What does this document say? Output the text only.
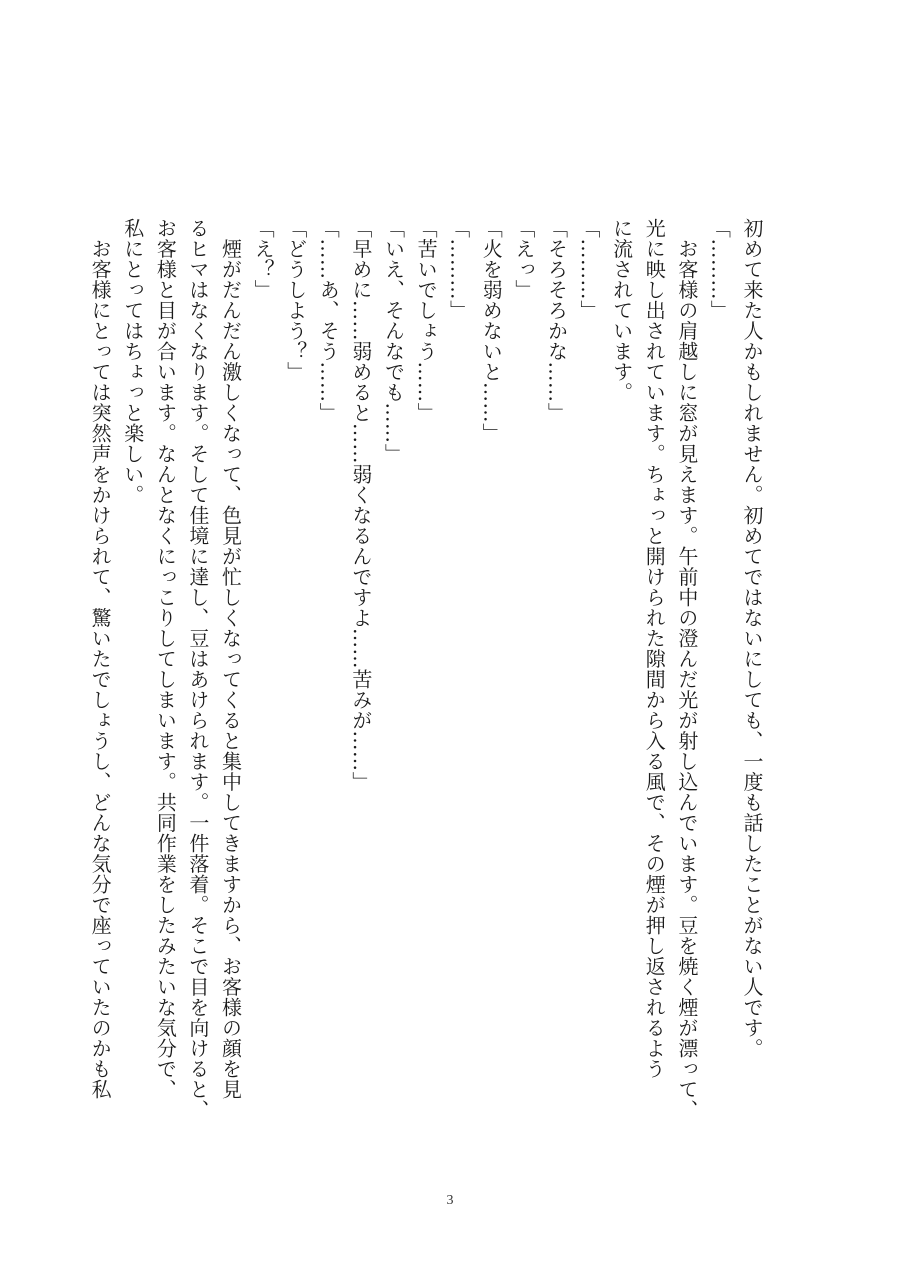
初めて来た人かもしれません。初めてではないにしても、一度も話したことがない人です。

「………」

　お客様の肩越しに窓が見えます。午前中の澄んだ光が射し込んでいます。豆を焼く煙が漂って、

光に映し出されています。ちょっと開けられた隙間から入る風で、その煙が押し返されるよう

に流されています。

「………」

「そろそろかな……」

「えっ」

「火を弱めないと……」

「………」

「苦いでしょう……」

「いえ、そんなでも……」

「早めに……弱めると……弱くなるんですよ……苦みが……」

「……あ、そう……」

「どうしよう？」

「え？」

　煙がだんだん激しくなって、色見が忙しくなってくると集中してきますから、お客様の顔を見

るヒマはなくなります。そして佳境に達し、豆はあけられます。一件落着。そこで目を向けると、

お客様と目が合います。なんとなくにっこりしてしまいます。共同作業をしたみたいな気分で、

私にとってはちょっと楽しい。

　お客様にとっては突然声をかけられて、驚いたでしょうし、どんな気分で座っていたのかも私

3
